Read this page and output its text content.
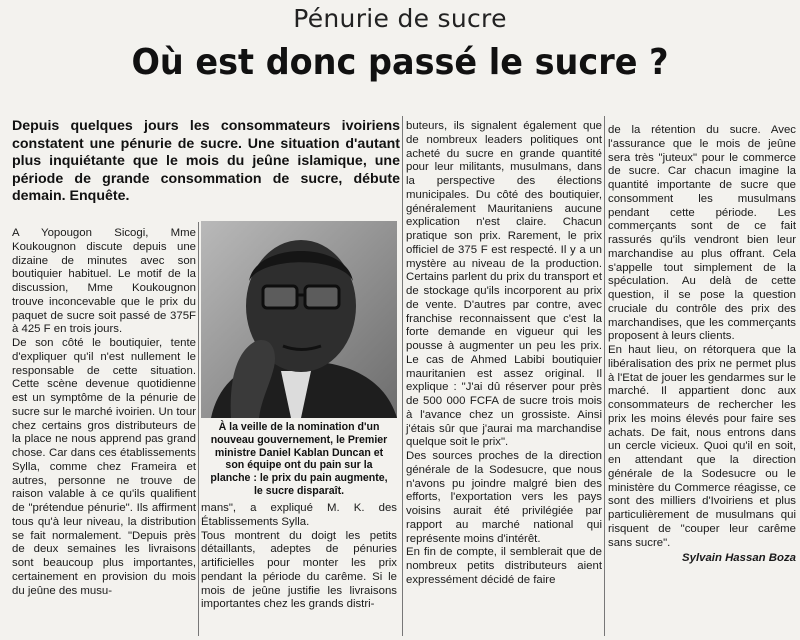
Pénurie de sucre
Où est donc passé le sucre ?
Depuis quelques jours les consommateurs ivoiriens constatent une pénurie de sucre. Une situation d'autant plus inquiétante que le mois du jeûne islamique, une période de grande consommation de sucre, débute demain. Enquête.

A Yopougon Sicogi, Mme Koukougnon discute depuis une dizaine de minutes avec son boutiquier habituel. Le motif de la discussion, Mme Koukougnon trouve inconcevable que le prix du paquet de sucre soit passé de 375F à 425 F en trois jours.

De son côté le boutiquier, tente d'expliquer qu'il n'est nullement le responsable de cette situation. Cette scène devenue quotidienne est un symptôme de la pénurie de sucre sur le marché ivoirien. Un tour chez certains gros distributeurs de la place ne nous apprend pas grand chose. Car dans ces établissements Sylla, comme chez Frameira et autres, personne ne trouve de raison valable à ce qu'ils qualifient de "prétendue pénurie". Ils affirment tous qu'à leur niveau, la distribution se fait normalement. "Depuis près de deux semaines les livraisons sont beaucoup plus importantes, certainement en provision du mois du jeûne des musu-

À la veille de la nomination d'un nouveau gouvernement, le Premier ministre Daniel Kablan Duncan et son équipe ont du pain sur la planche : le prix du pain augmente, le sucre disparaît.

mans", a expliqué M. K. des Établissements Sylla.

Tous montrent du doigt les petits détaillants, adeptes de pénuries artificielles pour monter les prix pendant la période du carême. Si le mois de jeûne justifie les livraisons importantes chez les grands distri-

buteurs, ils signalent également que de nombreux leaders politiques ont acheté du sucre en grande quantité pour leur militants, musulmans, dans la perspective des élections municipales. Du côté des boutiquier, généralement Mauritaniens aucune explication n'est claire. Chacun pratique son prix. Rarement, le prix officiel de 375 F est respecté. Il y a un mystère au niveau de la production. Certains parlent du prix du transport et de stockage qu'ils incorporent au prix de vente. D'autres par contre, avec franchise reconnaissent que c'est la forte demande en vigueur qui les pousse à augmenter un peu les prix. Le cas de Ahmed Labibi boutiquier mauritanien est assez original. Il explique : "J'ai dû réserver pour près de 500 000 FCFA de sucre trois mois à l'avance chez un grossiste. Ainsi j'étais sûr que j'aurai ma marchandise quelque soit le prix".

Des sources proches de la direction générale de la Sodesucre, que nous n'avons pu joindre malgré bien des efforts, l'exportation vers les pays voisins aurait été privilégiée par rapport au marché national qui représente moins d'intérêt.

En fin de compte, il semblerait que de nombreux petits distributeurs aient expressément décidé de faire

de la rétention du sucre. Avec l'assurance que le mois de jeûne sera très "juteux" pour le commerce de sucre. Car chacun imagine la quantité importante de sucre que consomment les musulmans pendant cette période. Les commerçants sont de ce fait rassurés qu'ils vendront bien leur marchandise au plus offrant. Cela s'appelle tout simplement de la spéculation. Au delà de cette question, il se pose la question cruciale du contrôle des prix des marchandises, que les commerçants proposent à leurs clients.

En haut lieu, on rétorquera que la libéralisation des prix ne permet plus à l'Etat de jouer les gendarmes sur le marché. Il appartient donc aux consommateurs de rechercher les prix les moins élevés pour faire ses achats. De fait, nous entrons dans un cercle vicieux. Quoi qu'il en soit, en attendant que la direction générale de la Sodesucre ou le ministère du Commerce réagisse, ce sont des milliers d'Ivoiriens et plus particulièrement de musulmans qui risquent de "couper leur carême sans sucre".

Sylvain Hassan Boza
